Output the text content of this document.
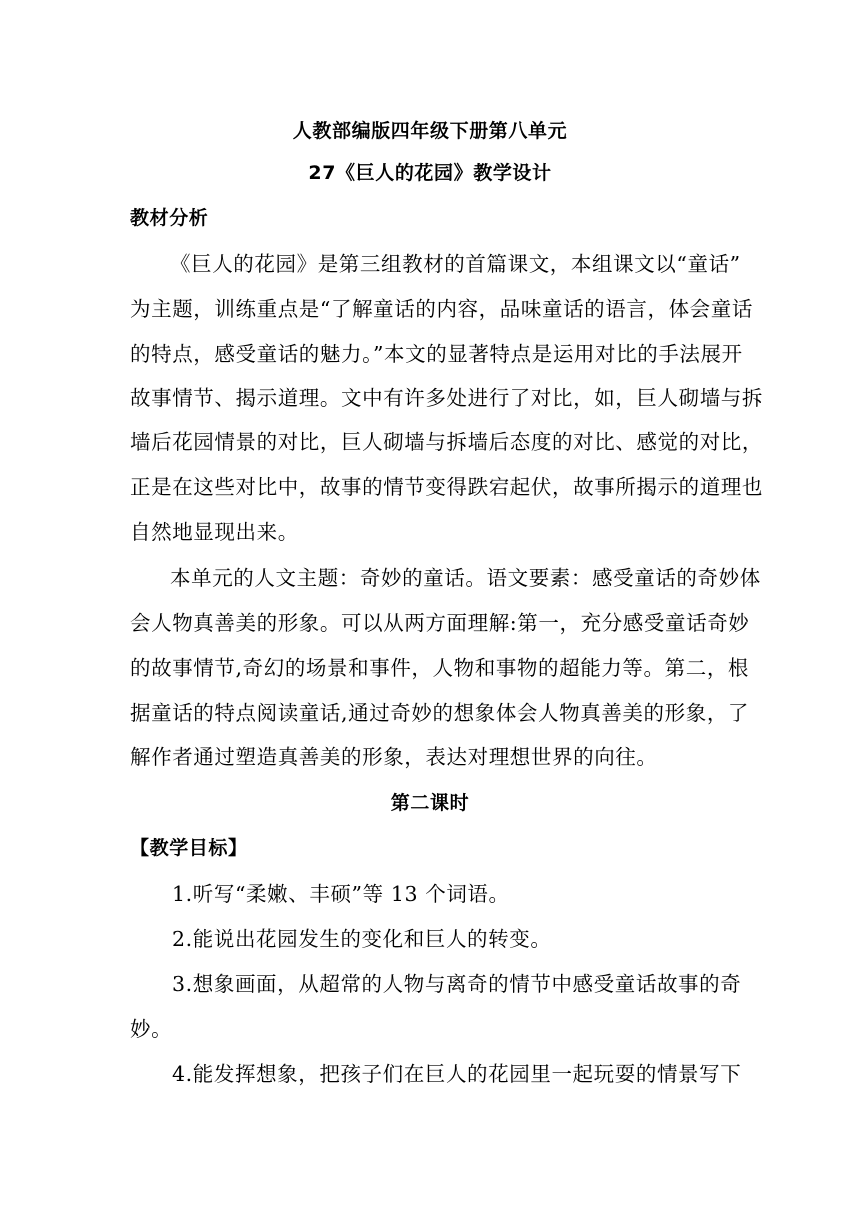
人教部编版四年级下册第八单元
27《巨人的花园》教学设计
教材分析
《巨人的花园》是第三组教材的首篇课文，本组课文以“童话”
为主题，训练重点是“了解童话的内容，品味童话的语言，体会童话
的特点，感受童话的魅力。”本文的显著特点是运用对比的手法展开
故事情节、揭示道理。文中有许多处进行了对比，如，巨人砌墙与拆
墙后花园情景的对比，巨人砌墙与拆墙后态度的对比、感觉的对比，
正是在这些对比中，故事的情节变得跌宕起伏，故事所揭示的道理也
自然地显现出来。
本单元的人文主题：奇妙的童话。语文要素：感受童话的奇妙体
会人物真善美的形象。可以从两方面理解:第一，充分感受童话奇妙
的故事情节,奇幻的场景和事件，人物和事物的超能力等。第二，根
据童话的特点阅读童话,通过奇妙的想象体会人物真善美的形象，了
解作者通过塑造真善美的形象，表达对理想世界的向往。
第二课时
【教学目标】
1.听写“柔嫩、丰硕”等 13 个词语。
2.能说出花园发生的变化和巨人的转变。
3.想象画面，从超常的人物与离奇的情节中感受童话故事的奇
妙。
4.能发挥想象，把孩子们在巨人的花园里一起玩耍的情景写下
